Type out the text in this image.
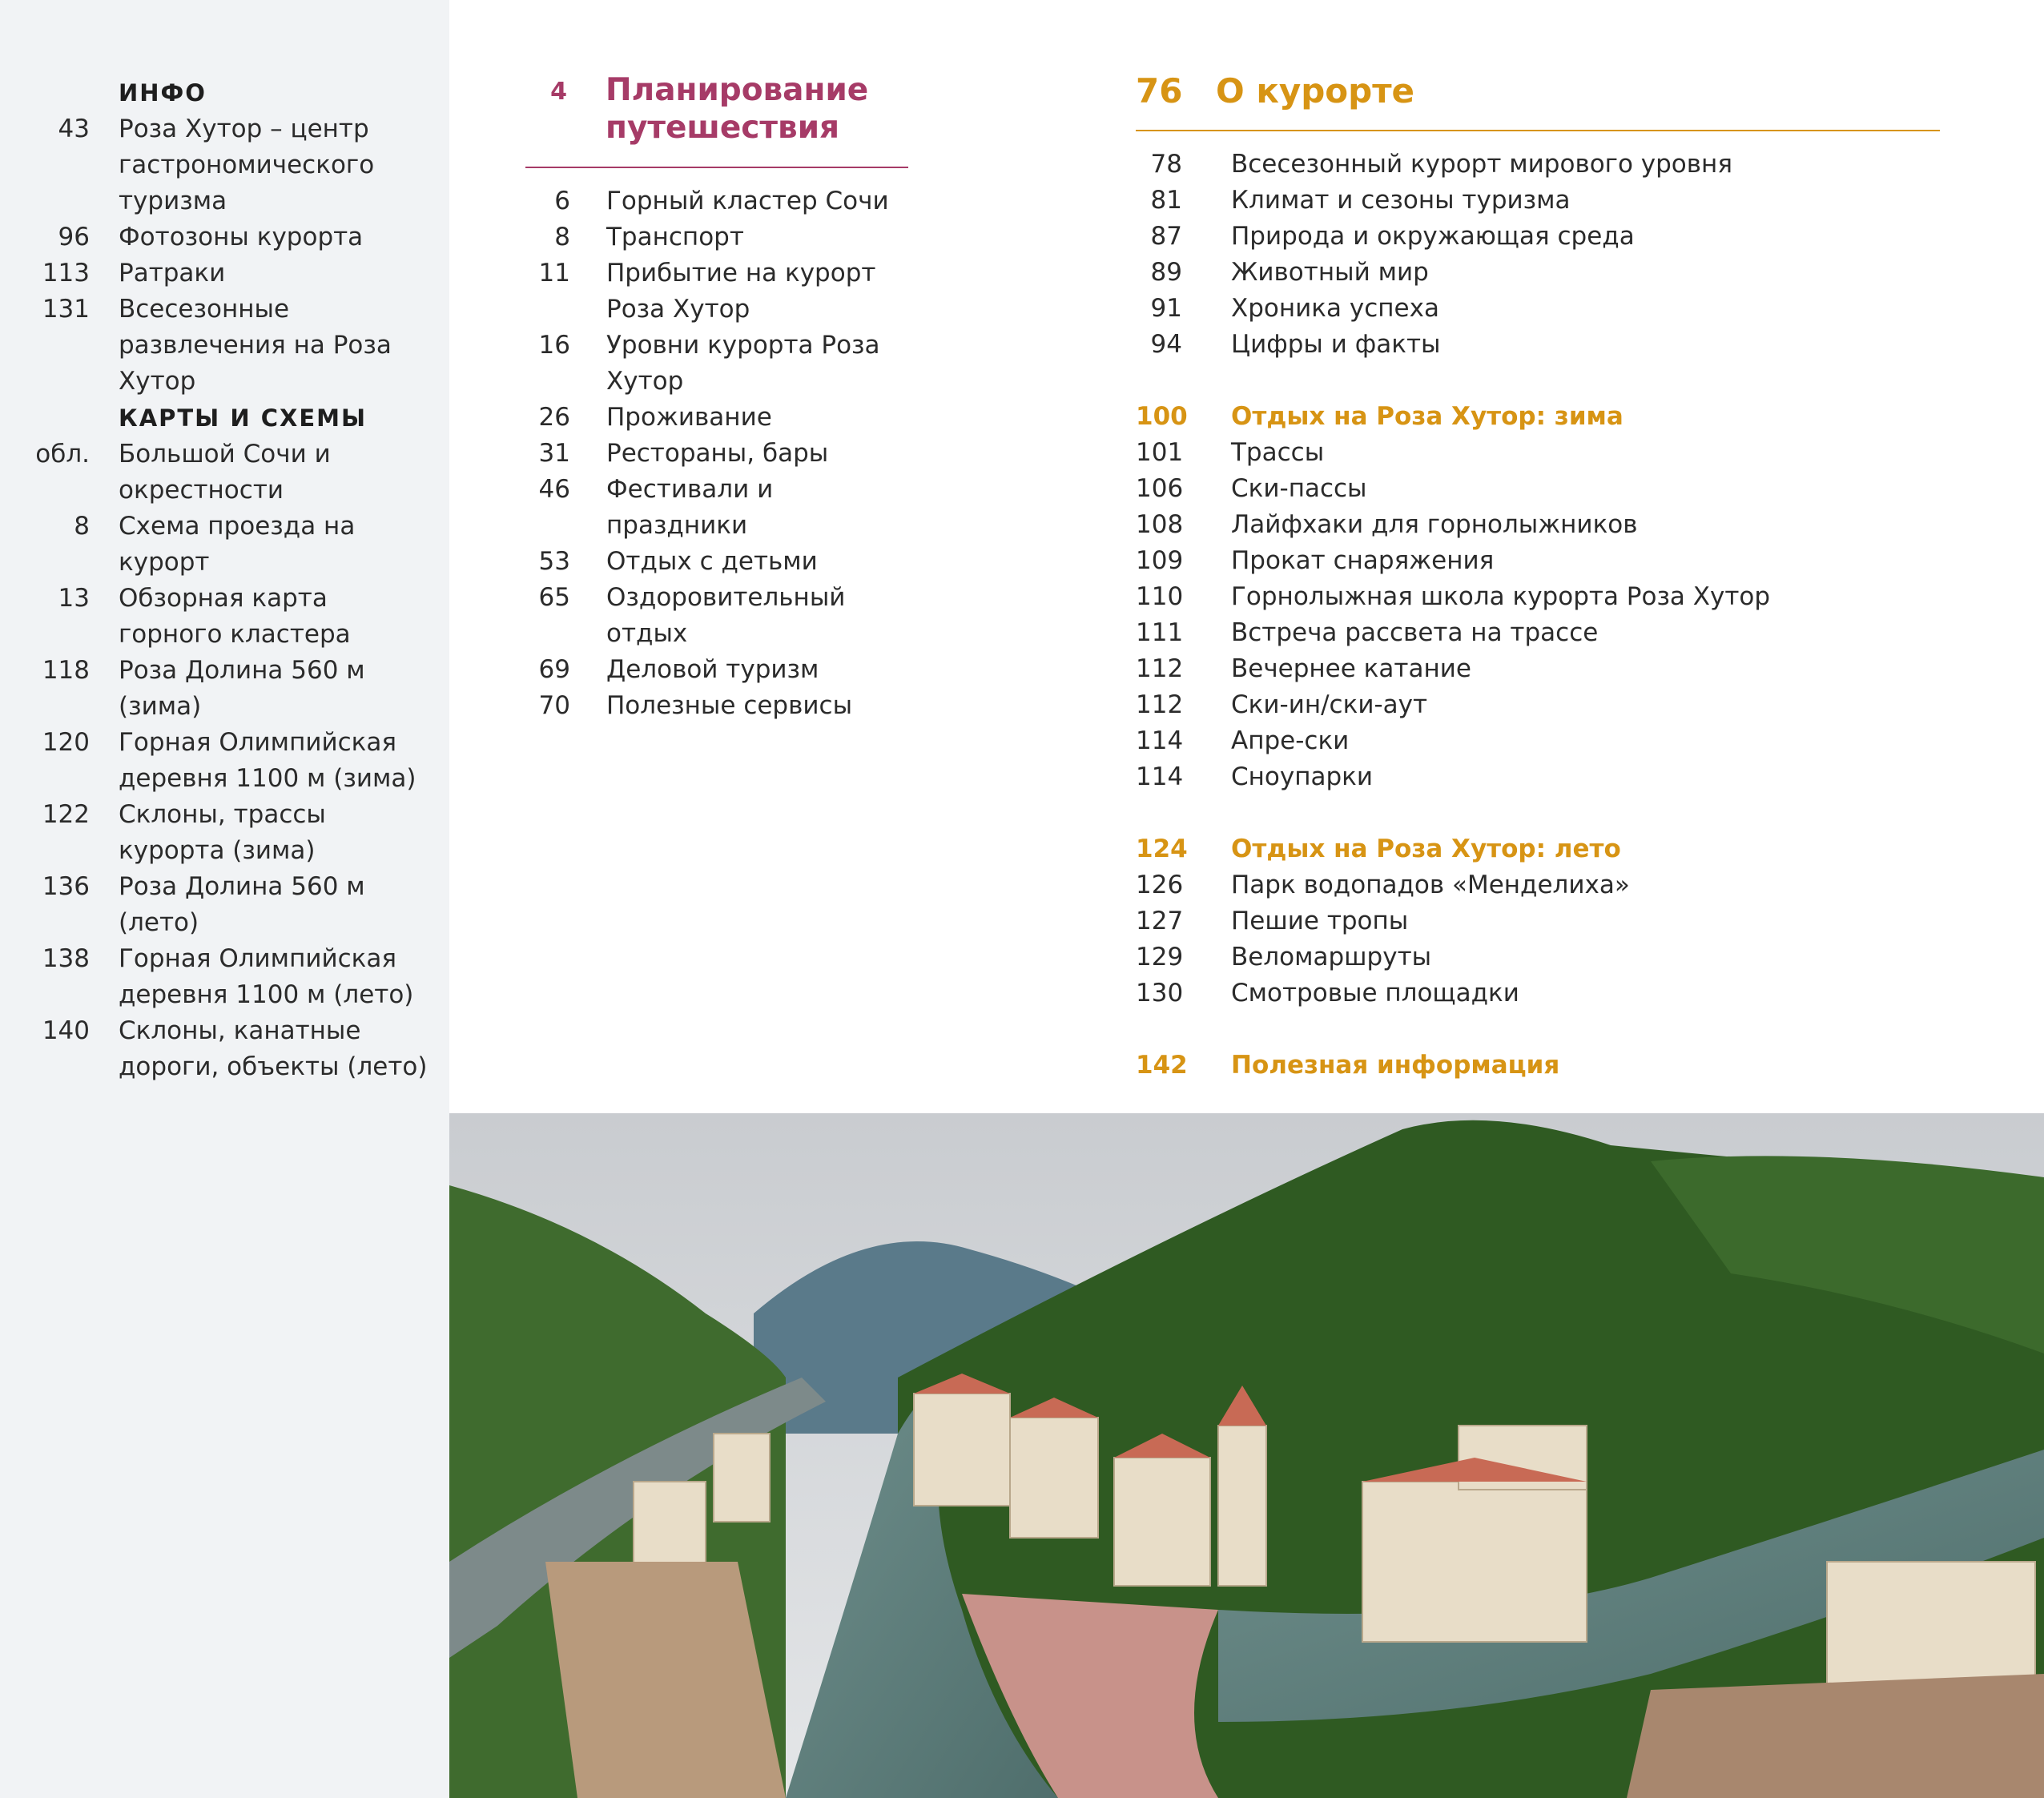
ИНФО
43 Роза Хутор – центр гастрономического туризма
96 Фотозоны курорта
113 Ратраки
131 Всесезонные развлечения на Роза Хутор
КАРТЫ И СХЕМЫ
обл. Большой Сочи и окрестности
8 Схема проезда на курорт
13 Обзорная карта горного кластера
118 Роза Долина 560 м (зима)
120 Горная Олимпийская деревня 1100 м (зима)
122 Склоны, трассы курорта (зима)
136 Роза Долина 560 м (лето)
138 Горная Олимпийская деревня 1100 м (лето)
140 Склоны, канатные дороги, объекты (лето)
4 Планирование путешествия
6 Горный кластер Сочи
8 Транспорт
11 Прибытие на курорт Роза Хутор
16 Уровни курорта Роза Хутор
26 Проживание
31 Рестораны, бары
46 Фестивали и праздники
53 Отдых с детьми
65 Оздоровительный отдых
69 Деловой туризм
70 Полезные сервисы
76 О курорте
78 Всесезонный курорт мирового уровня
81 Климат и сезоны туризма
87 Природа и окружающая среда
89 Животный мир
91 Хроника успеха
94 Цифры и факты
100 Отдых на Роза Хутор: зима
101 Трассы
106 Ски-пассы
108 Лайфхаки для горнолыжников
109 Прокат снаряжения
110 Горнолыжная школа курорта Роза Хутор
111 Встреча рассвета на трассе
112 Вечернее катание
112 Ски-ин/ски-аут
114 Апре-ски
114 Сноупарки
124 Отдых на Роза Хутор: лето
126 Парк водопадов «Менделиха»
127 Пешие тропы
129 Веломаршруты
130 Смотровые площадки
142 Полезная информация
